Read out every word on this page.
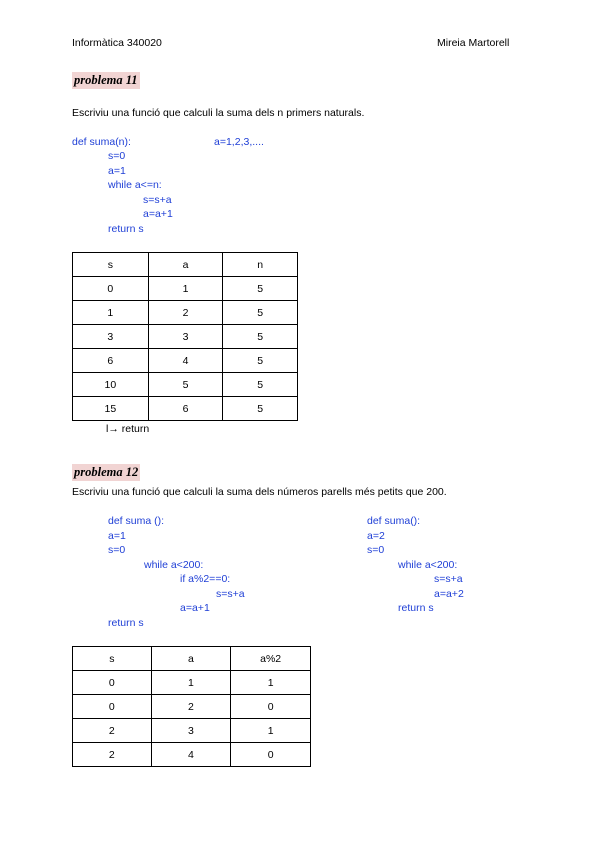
Informàtica 340020	Mireia Martorell
problema 11
Escriviu una funció que calculi la suma dels n primers naturals.
def suma(n):	a=1,2,3,....
s=0
a=1
while a<=n:
s=s+a
a=a+1
return s
s	a	n
0	1	5
1	2	5
3	3	5
6	4	5
10	5	5
15	6	5
l→ return
problema 12
Escriviu una funció que calculi la suma dels números parells més petits que 200.
def suma ():
a=1
s=0
while a<200:
if a%2==0:
s=s+a
a=a+1
return s
def suma():
a=2
s=0
while a<200:
s=s+a
a=a+2
return s
s	a	a%2
0	1	1
0	2	0
2	3	1
2	4	0
